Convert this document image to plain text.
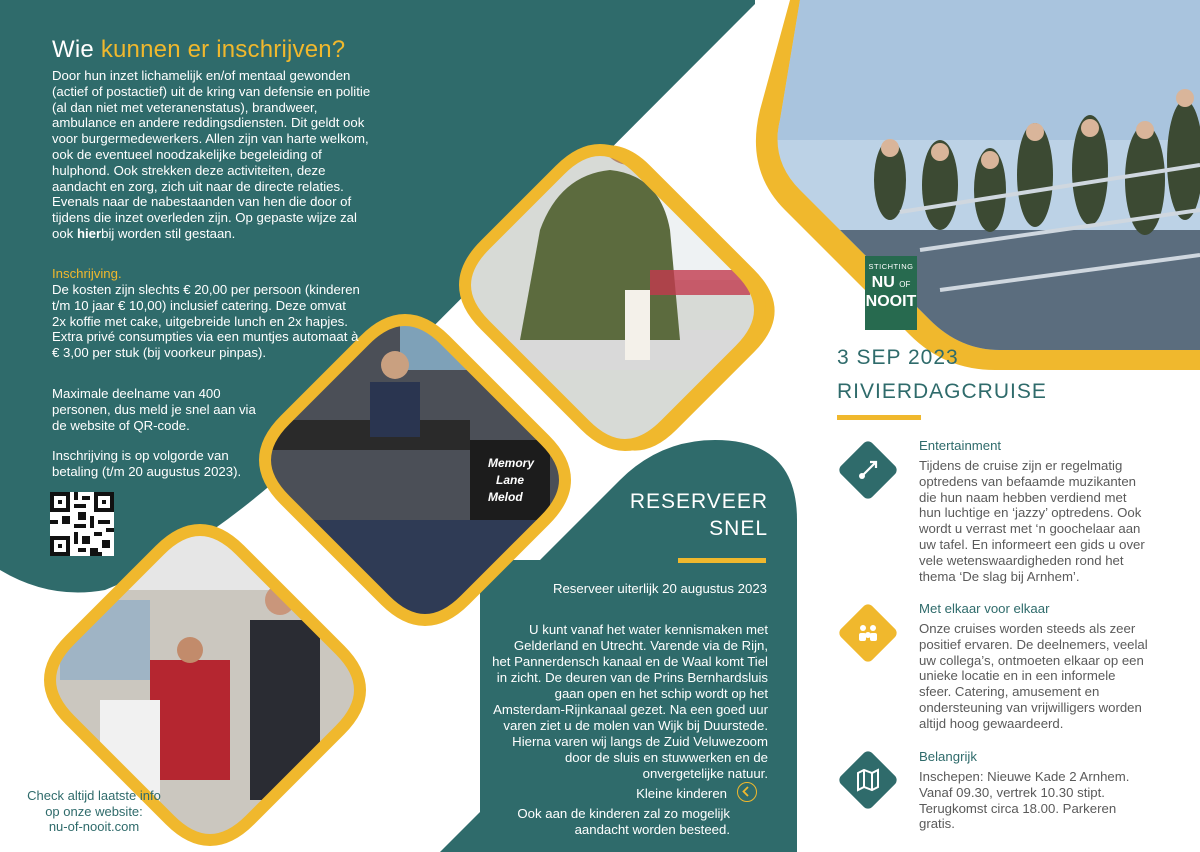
Wie kunnen er inschrijven?
Door hun inzet lichamelijk en/of mentaal gewonden (actief of postactief) uit de kring van defensie en politie (al dan niet met veteranenstatus), brandweer, ambulance en andere reddingsdiensten. Dit geldt ook voor burgermedewerkers. Allen zijn van harte welkom, ook de eventueel noodzakelijke begeleiding of hulphond. Ook strekken deze activiteiten, deze aandacht en zorg, zich uit naar de directe relaties. Evenals naar de nabestaanden van hen die door of tijdens die inzet overleden zijn. Op gepaste wijze zal ook hierbij worden stil gestaan.
Inschrijving.
De kosten zijn slechts € 20,00 per persoon (kinderen t/m 10 jaar € 10,00) inclusief catering. Deze omvat 2x koffie met cake, uitgebreide lunch en 2x hapjes. Extra privé consumpties via een muntjes automaat à € 3,00 per stuk (bij voorkeur pinpas).
Maximale deelname van 400 personen, dus meld je snel aan via de website of QR-code.
Inschrijving is op volgorde van betaling (t/m 20 augustus 2023).
Check altijd laatste info
op onze website:
nu-of-nooit.com
Memory
Lane
Melod	RESERVEER
SNEL
Reserveer uiterlijk 20 augustus 2023
U kunt vanaf het water kennismaken met Gelderland en Utrecht. Varende via de Rijn, het Pannerdensch kanaal en de Waal komt Tiel in zicht. De deuren van de Prins Bernhardsluis gaan open en het schip wordt op het Amsterdam-Rijnkanaal gezet. Na een goed uur varen ziet u de molen van Wijk bij Duurstede. Hierna varen wij langs de Zuid Veluwezoom door de sluis en stuwwerken en de onvergetelijke natuur.
Kleine kinderen
Ook aan de kinderen zal zo mogelijk aandacht worden besteed.
STICHTING
NU OF
NOOIT
3 SEP 2023
RIVIERDAGCRUISE
Entertainment
Tijdens de cruise zijn er regelmatig optredens van befaamde muzikanten die hun naam hebben verdiend met hun luchtige en ‘jazzy’ optredens. Ook wordt u verrast met ‘n goochelaar aan uw tafel. En informeert een gids u over vele wetenswaardigheden rond het thema ‘De slag bij Arnhem’.
Met elkaar voor elkaar
Onze cruises worden steeds als zeer positief ervaren. De deelnemers, veelal uw collega’s, ontmoeten elkaar op een unieke locatie en in een informele sfeer. Catering, amusement en ondersteuning van vrijwilligers worden altijd hoog gewaardeerd.
Belangrijk
Inschepen: Nieuwe Kade 2 Arnhem. Vanaf 09.30, vertrek 10.30 stipt. Terugkomst circa 18.00. Parkeren gratis.
